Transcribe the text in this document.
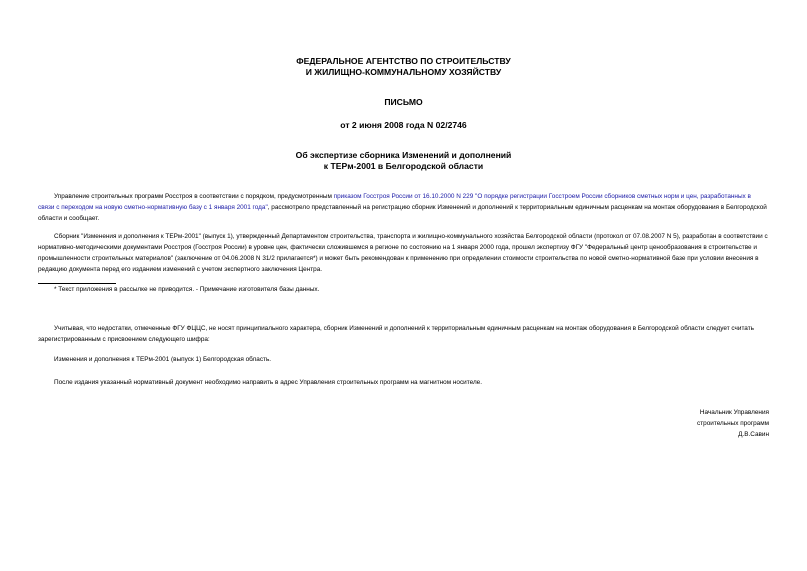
ФЕДЕРАЛЬНОЕ АГЕНТСТВО ПО СТРОИТЕЛЬСТВУ

И ЖИЛИЩНО-КОММУНАЛЬНОМУ ХОЗЯЙСТВУ

ПИСЬМО

от 2 июня 2008 года N 02/2746

Об экспертизе сборника Изменений и дополнений

к ТЕРм-2001 в Белгородской области

Управление строительных программ Росстроя в соответствии с порядком, предусмотренным приказом Госстроя России от 16.10.2000 N 229 "О порядке регистрации Госстроем России сборников сметных норм и цен, разработанных в связи с переходом на новую сметно-нормативную базу с 1 января 2001 года", рассмотрело представленный на регистрацию сборник Изменений и дополнений к территориальным единичным расценкам на монтаж оборудования в Белгородской области и сообщает.

Сборник "Изменения и дополнения к ТЕРм-2001" (выпуск 1), утвержденный Департаментом строительства, транспорта и жилищно-коммунального хозяйства Белгородской области (протокол от 07.08.2007 N 5), разработан в соответствии с нормативно-методическими документами Росстроя (Госстроя России) в уровне цен, фактически сложившемся в регионе по состоянию на 1 января 2000 года, прошел экспертизу ФГУ "Федеральный центр ценообразования в строительстве и промышленности строительных материалов" (заключение от 04.06.2008 N 31/2 прилагается*) и может быть рекомендован к применению при определении стоимости строительства по новой сметно-нормативной базе при условии внесения в редакцию документа перед его изданием изменений с учетом экспертного заключения Центра.

* Текст приложения в рассылке не приводится. - Примечание изготовителя базы данных.

Учитывая, что недостатки, отмеченные ФГУ ФЦЦС, не носят принципиального характера, сборник Изменений и дополнений к территориальным единичным расценкам на монтаж оборудования в Белгородской области следует считать зарегистрированным с присвоением следующего шифра:

Изменения и дополнения к ТЕРм-2001 (выпуск 1) Белгородская область.

После издания указанный нормативный документ необходимо направить в адрес Управления строительных программ на магнитном носителе.

Начальник Управления

строительных программ

Д.В.Савин
